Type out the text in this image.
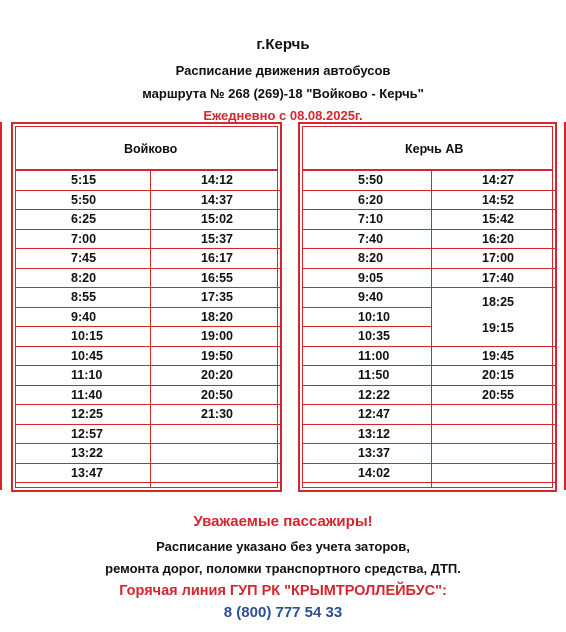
г.Керчь
Расписание движения автобусов
маршрута № 268 (269)-18 "Войково - Керчь"
Ежедневно с 08.08.2025г.
Войково
5:15
5:50
6:25
7:00
7:45
8:20
8:55
9:40
10:15
10:45
11:10
11:40
12:25
12:57
13:22
13:47
14:12
14:37
15:02
15:37
16:17
16:55
17:35
18:20
19:00
19:50
20:20
20:50
21:30
Керчь АВ
5:50
6:20
7:10
7:40
8:20
9:05
9:40
10:10
10:35
11:00
11:50
12:22
12:47
13:12
13:37
14:02
14:27
14:52
15:42
16:20
17:00
17:40
18:25
19:15
19:45
20:15
20:55
Уважаемые пассажиры!
Расписание указано без учета заторов,
ремонта дорог, поломки транспортного средства, ДТП.
Горячая линия ГУП РК "КРЫМТРОЛЛЕЙБУС":
8 (800) 777 54 33
